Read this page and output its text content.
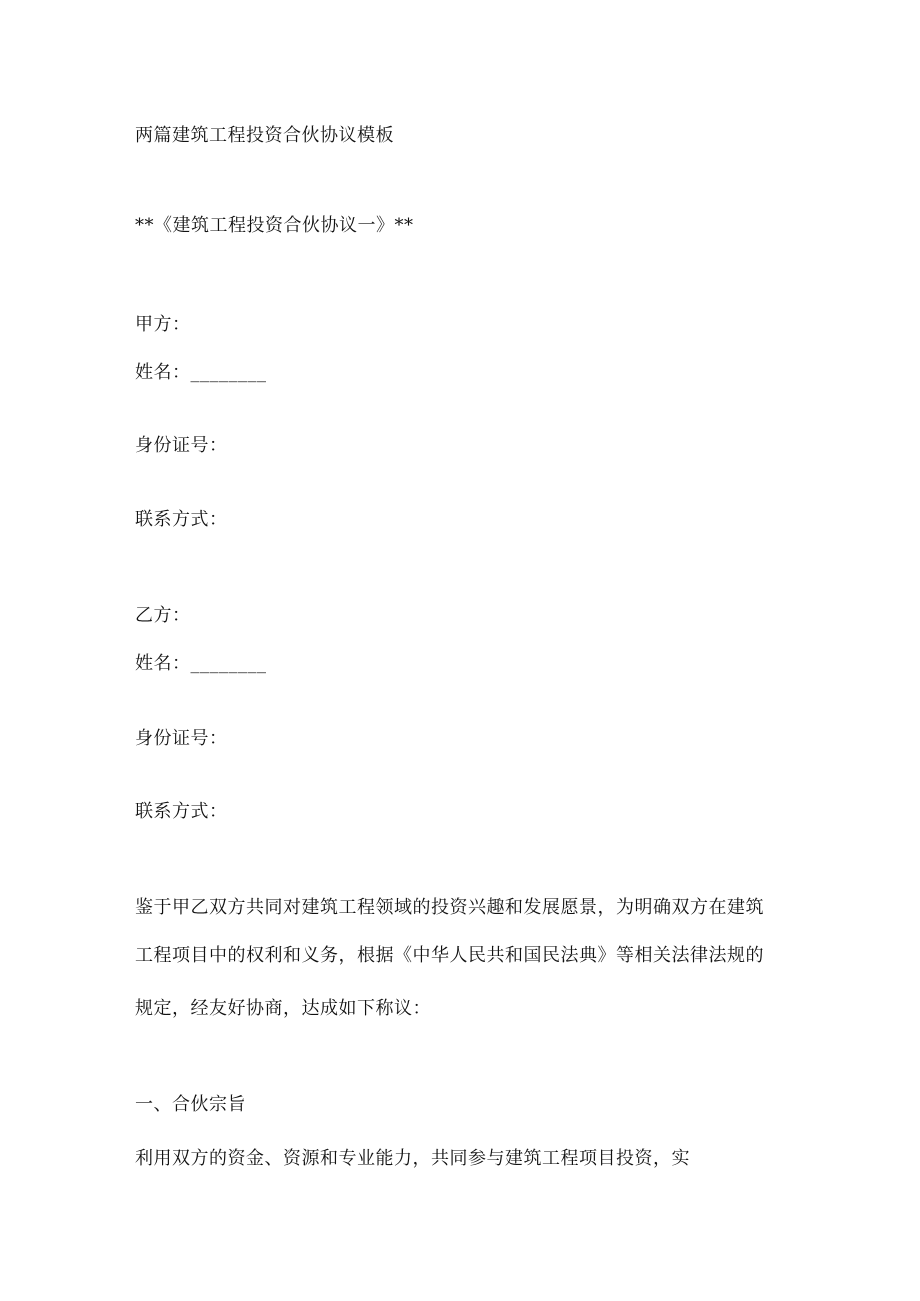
两篇建筑工程投资合伙协议模板
**《建筑工程投资合伙协议一》**
甲方：
姓名：________
身份证号：
联系方式：
乙方：
姓名：________
身份证号：
联系方式：
鉴于甲乙双方共同对建筑工程领域的投资兴趣和发展愿景，为明确双方在建筑
工程项目中的权利和义务，根据《中华人民共和国民法典》等相关法律法规的
规定，经友好协商，达成如下称议：
一、合伙宗旨
利用双方的资金、资源和专业能力，共同参与建筑工程项目投资，实
